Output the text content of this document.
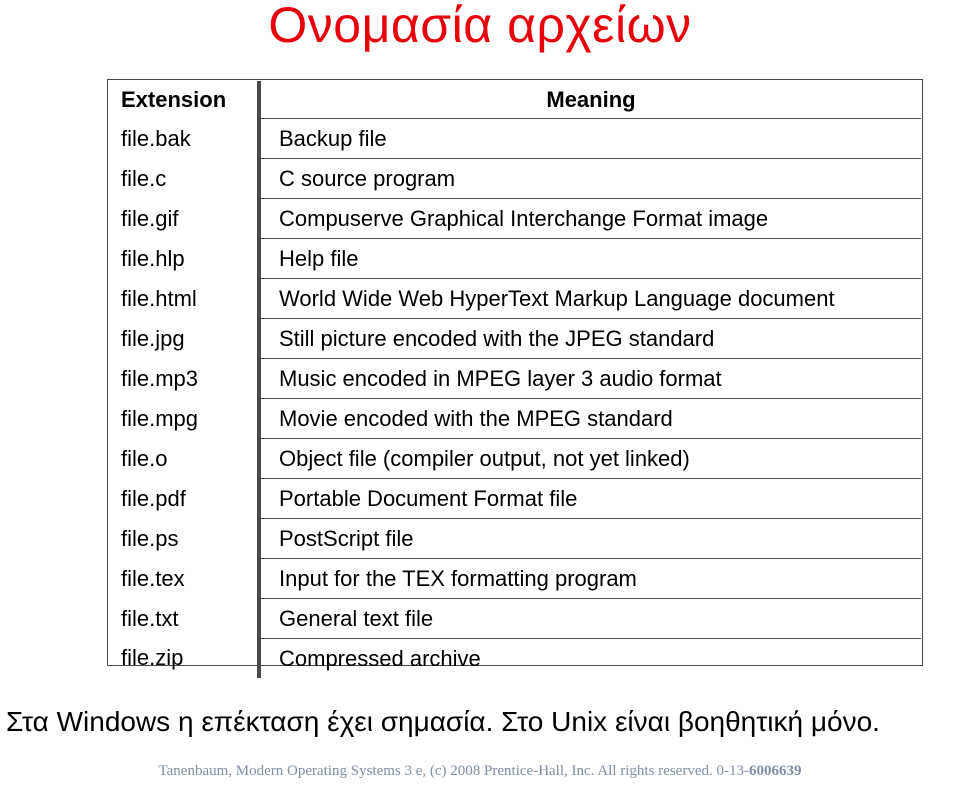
Ονομασία αρχείων
Extension	Meaning
file.bak	Backup file
file.c	C source program
file.gif	Compuserve Graphical Interchange Format image
file.hlp	Help file
file.html	World Wide Web HyperText Markup Language document
file.jpg	Still picture encoded with the JPEG standard
file.mp3	Music encoded in MPEG layer 3 audio format
file.mpg	Movie encoded with the MPEG standard
file.o	Object file (compiler output, not yet linked)
file.pdf	Portable Document Format file
file.ps	PostScript file
file.tex	Input for the TEX formatting program
file.txt	General text file
file.zip	Compressed archive
Στα Windows η επέκταση έχει σημασία. Στο Unix είναι βοηθητική μόνο.
Tanenbaum, Modern Operating Systems 3 e, (c) 2008 Prentice-Hall, Inc. All rights reserved. 0-13-6006639
